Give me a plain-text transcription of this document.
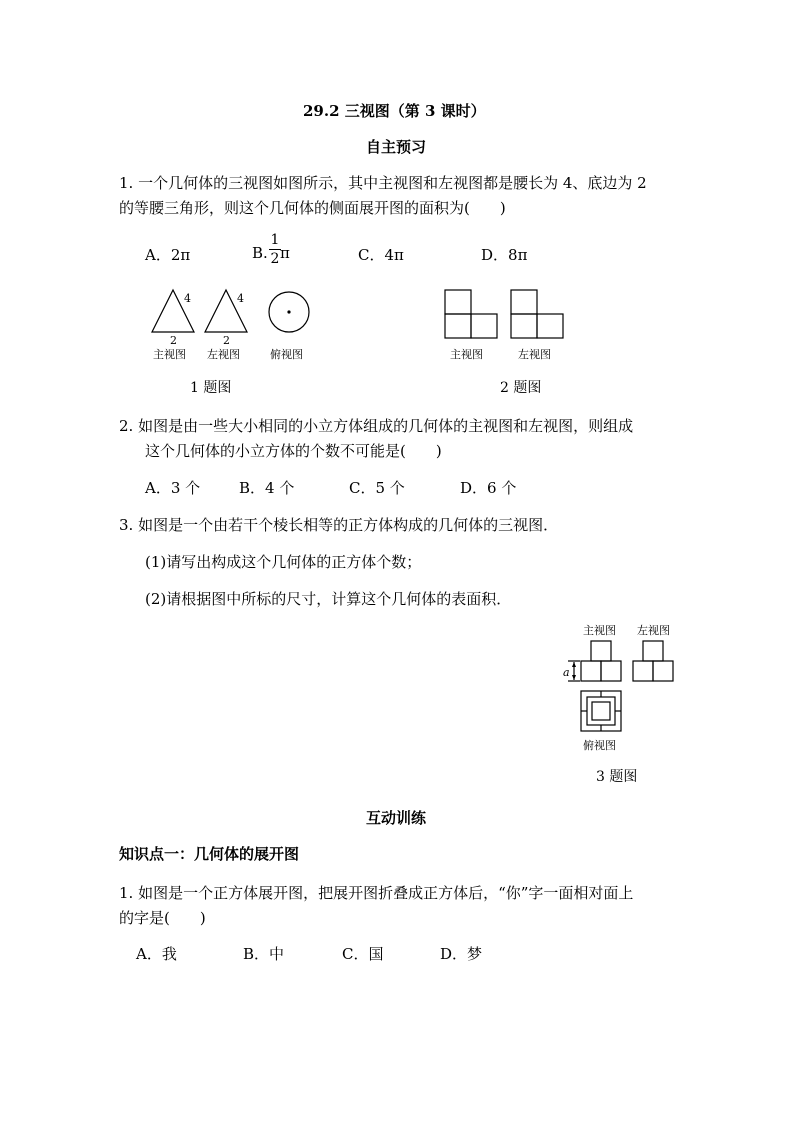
29.2 三视图（第 3 课时）
自主预习
1. 一个几何体的三视图如图所示，其中主视图和左视图都是腰长为 4、底边为 2
的等腰三角形，则这个几何体的侧面展开图的面积为(　　)
A．2π	B.
1
2 π	C．4π	D．8π
4	4
2	2
主视图 左视图	俯视图
1 题图
主视图	左视图
2 题图
2. 如图是由一些大小相同的小立方体组成的几何体的主视图和左视图，则组成
这个几何体的小立方体的个数不可能是(　　)
A．3 个	B．4 个	C．5 个	D．6 个
3. 如图是一个由若干个棱长相等的正方体构成的几何体的三视图．
(1)请写出构成这个几何体的正方体个数；
(2)请根据图中所标的尺寸，计算这个几何体的表面积．
主视图 左视图
a
俯视图
3 题图
互动训练
知识点一：几何体的展开图
1. 如图是一个正方体展开图，把展开图折叠成正方体后，“你”字一面相对面上
的字是(　　)
A．我	B．中	C．国	D．梦
